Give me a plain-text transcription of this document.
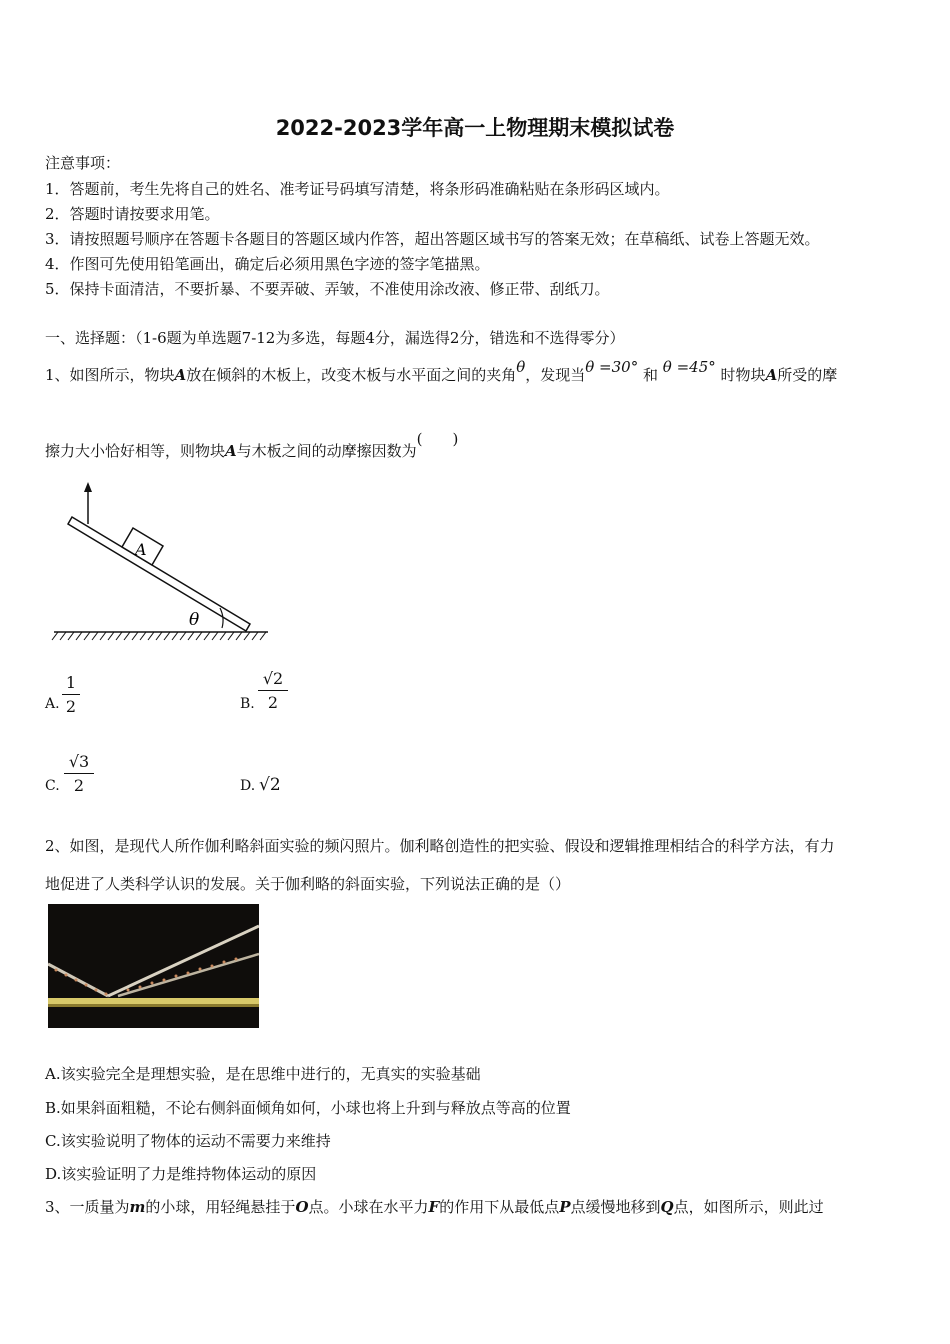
2022-2023学年高一上物理期末模拟试卷
注意事项：
1．答题前，考生先将自己的姓名、准考证号码填写清楚，将条形码准确粘贴在条形码区域内。
2．答题时请按要求用笔。
3．请按照题号顺序在答题卡各题目的答题区域内作答，超出答题区域书写的答案无效；在草稿纸、试卷上答题无效。
4．作图可先使用铅笔画出，确定后必须用黑色字迹的签字笔描黑。
5．保持卡面清洁，不要折暴、不要弄破、弄皱，不准使用涂改液、修正带、刮纸刀。
一、选择题：（1-6题为单选题7-12为多选，每题4分，漏选得2分，错选和不选得零分）
1、如图所示，物块A放在倾斜的木板上，改变木板与水平面之间的夹角θ，发现当θ =30° 和 θ =45° 时物块A所受的摩
擦力大小恰好相等，则物块A与木板之间的动摩擦因数为(　　)
A
θ
A.
1
2	B.
√2
2
C.
√3
2	D. √2
2、如图，是现代人所作伽利略斜面实验的频闪照片。伽利略创造性的把实验、假设和逻辑推理相结合的科学方法，有力
地促进了人类科学认识的发展。关于伽利略的斜面实验，下列说法正确的是（）
A.该实验完全是理想实验，是在思维中进行的，无真实的实验基础
B.如果斜面粗糙，不论右侧斜面倾角如何，小球也将上升到与释放点等高的位置
C.该实验说明了物体的运动不需要力来维持
D.该实验证明了力是维持物体运动的原因
3、一质量为m的小球，用轻绳悬挂于O点。小球在水平力F的作用下从最低点P点缓慢地移到Q点，如图所示，则此过
